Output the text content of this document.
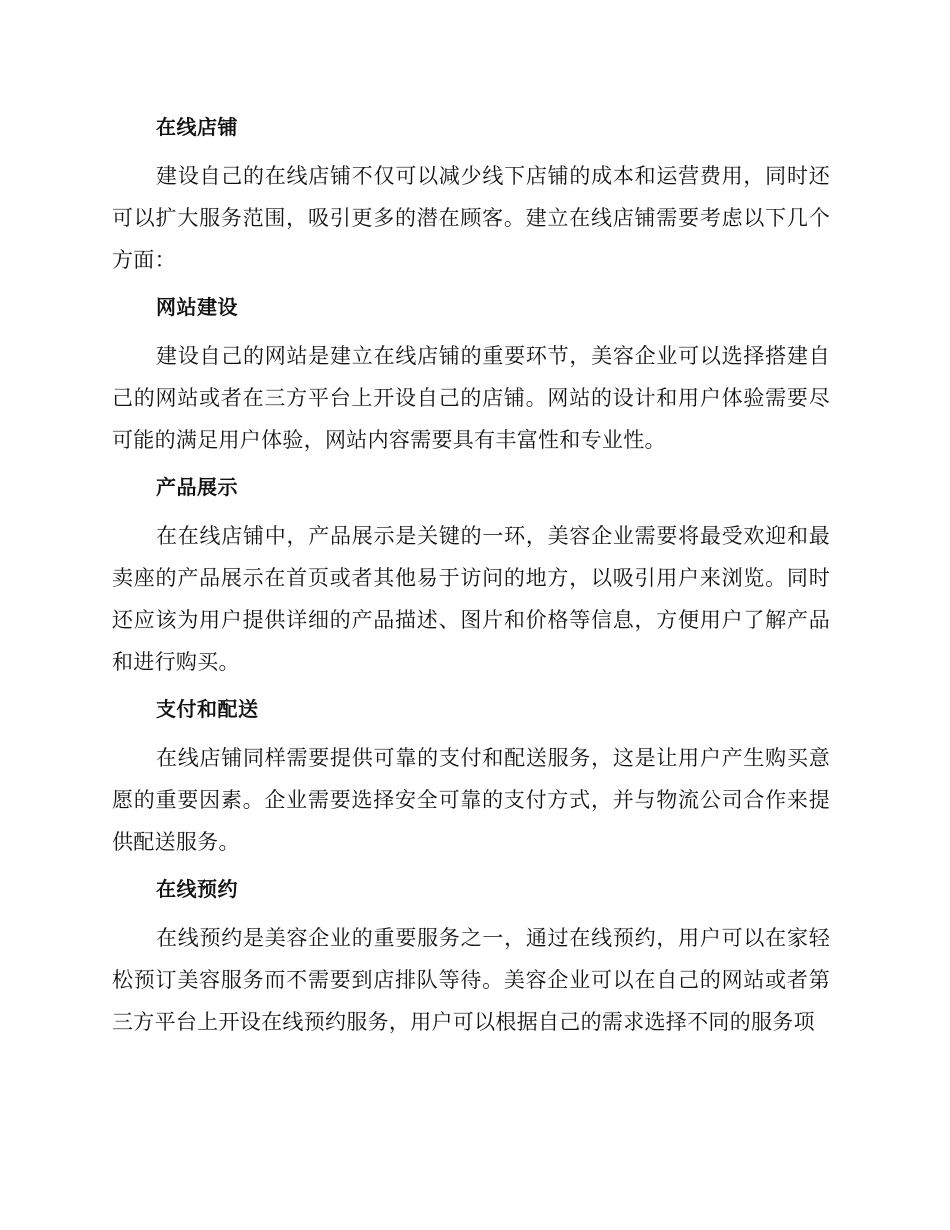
在线店铺

建设自己的在线店铺不仅可以减少线下店铺的成本和运营费用，同时还可以扩大服务范围，吸引更多的潜在顾客。建立在线店铺需要考虑以下几个方面：

网站建设

建设自己的网站是建立在线店铺的重要环节，美容企业可以选择搭建自己的网站或者在三方平台上开设自己的店铺。网站的设计和用户体验需要尽可能的满足用户体验，网站内容需要具有丰富性和专业性。

产品展示

在在线店铺中，产品展示是关键的一环，美容企业需要将最受欢迎和最卖座的产品展示在首页或者其他易于访问的地方，以吸引用户来浏览。同时还应该为用户提供详细的产品描述、图片和价格等信息，方便用户了解产品和进行购买。

支付和配送

在线店铺同样需要提供可靠的支付和配送服务，这是让用户产生购买意愿的重要因素。企业需要选择安全可靠的支付方式，并与物流公司合作来提供配送服务。

在线预约

在线预约是美容企业的重要服务之一，通过在线预约，用户可以在家轻松预订美容服务而不需要到店排队等待。美容企业可以在自己的网站或者第三方平台上开设在线预约服务，用户可以根据自己的需求选择不同的服务项
